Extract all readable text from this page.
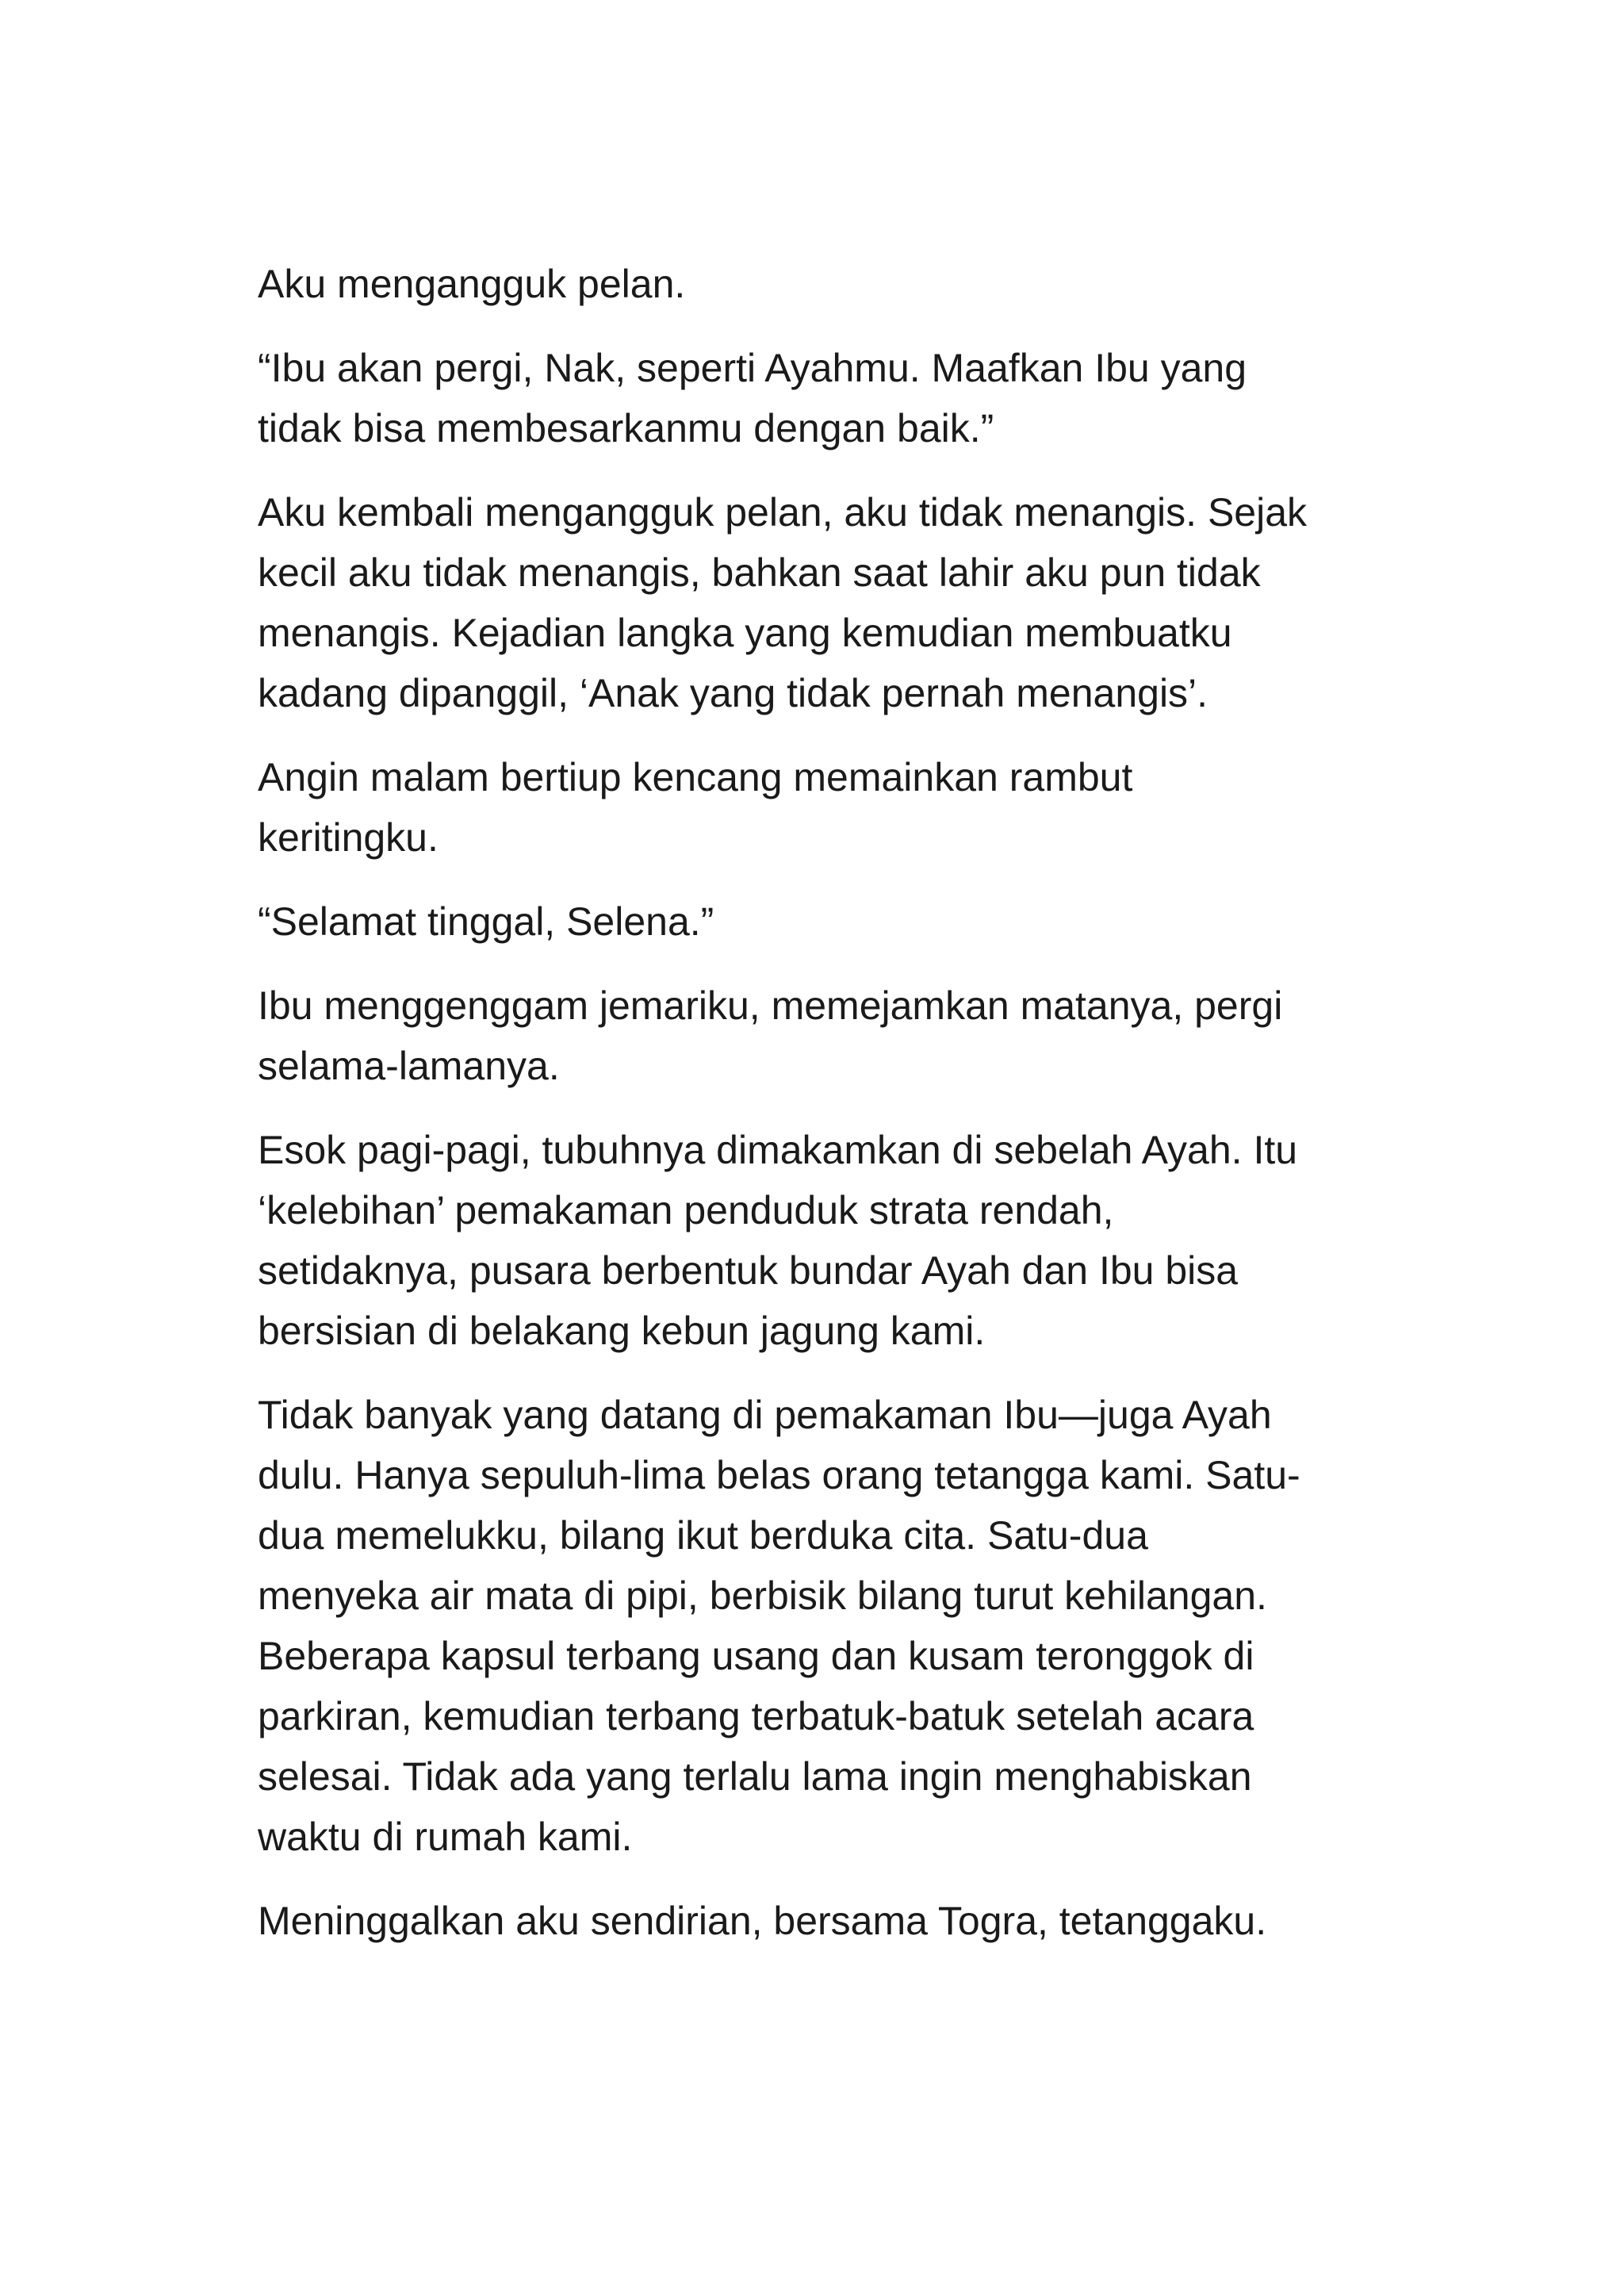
Aku mengangguk pelan.

“Ibu akan pergi, Nak, seperti Ayahmu. Maafkan Ibu yang
tidak bisa membesarkanmu dengan baik.”

Aku kembali mengangguk pelan, aku tidak menangis. Sejak
kecil aku tidak menangis, bahkan saat lahir aku pun tidak
menangis. Kejadian langka yang kemudian membuatku
kadang dipanggil, ‘Anak yang tidak pernah menangis’.

Angin malam bertiup kencang memainkan rambut
keritingku.

“Selamat tinggal, Selena.”

Ibu menggenggam jemariku, memejamkan matanya, pergi
selama-lamanya.

Esok pagi-pagi, tubuhnya dimakamkan di sebelah Ayah. Itu
‘kelebihan’ pemakaman penduduk strata rendah,
setidaknya, pusara berbentuk bundar Ayah dan Ibu bisa
bersisian di belakang kebun jagung kami.

Tidak banyak yang datang di pemakaman Ibu—juga Ayah
dulu. Hanya sepuluh-lima belas orang tetangga kami. Satu-
dua memelukku, bilang ikut berduka cita. Satu-dua
menyeka air mata di pipi, berbisik bilang turut kehilangan.
Beberapa kapsul terbang usang dan kusam teronggok di
parkiran, kemudian terbang terbatuk-batuk setelah acara
selesai. Tidak ada yang terlalu lama ingin menghabiskan
waktu di rumah kami.

Meninggalkan aku sendirian, bersama Togra, tetanggaku.
